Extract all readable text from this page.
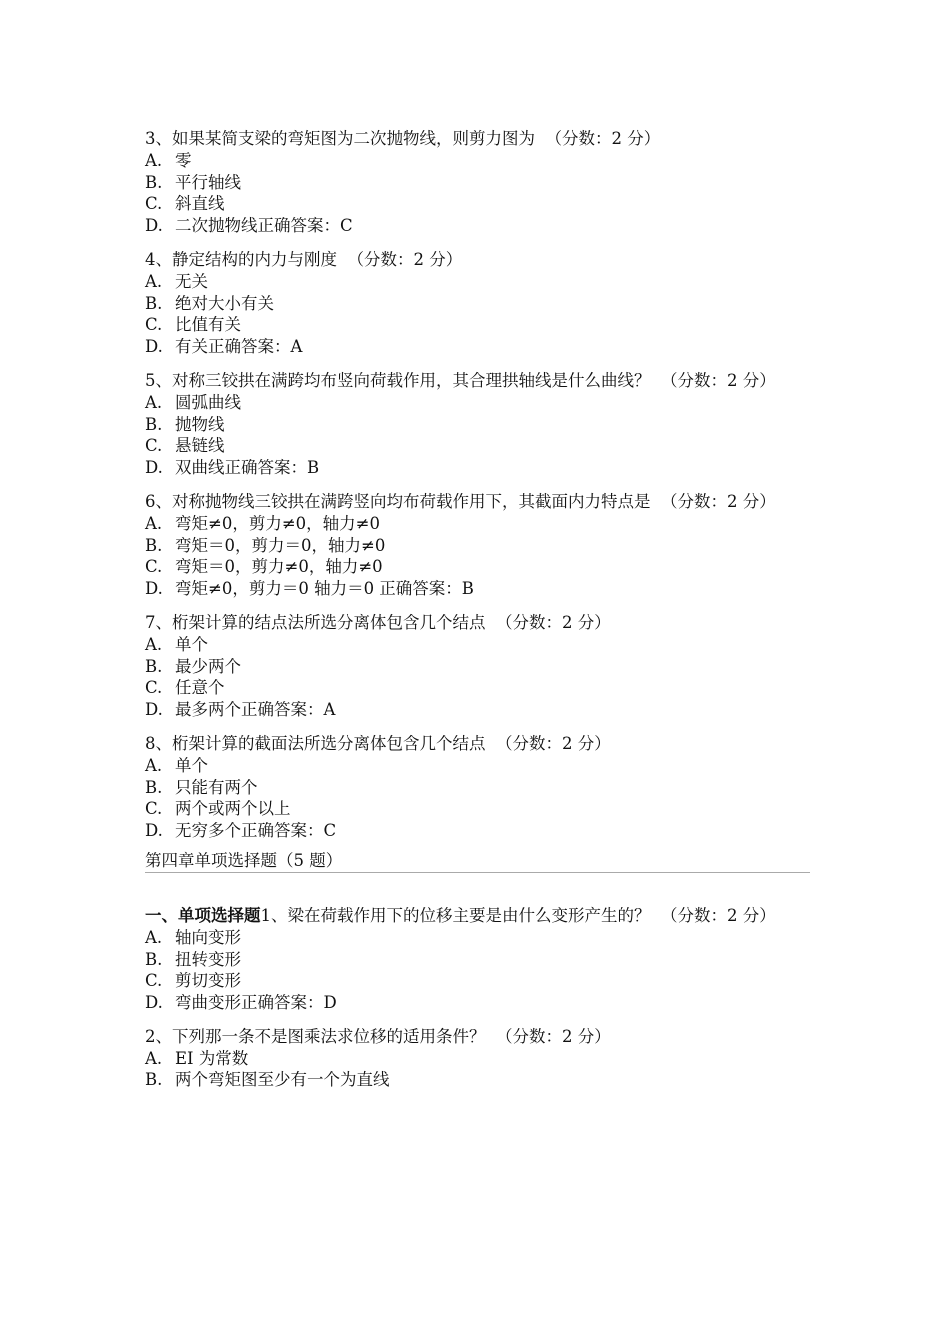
3、如果某简支梁的弯矩图为二次抛物线，则剪力图为  （分数：2 分）
A. 零
B. 平行轴线
C. 斜直线
D. 二次抛物线正确答案：C
4、静定结构的内力与刚度  （分数：2 分）
A. 无关
B. 绝对大小有关
C. 比值有关
D. 有关正确答案：A
5、对称三铰拱在满跨均布竖向荷载作用，其合理拱轴线是什么曲线？  （分数：2 分）
A. 圆弧曲线
B. 抛物线
C. 悬链线
D. 双曲线正确答案：B
6、对称抛物线三铰拱在满跨竖向均布荷载作用下，其截面内力特点是  （分数：2 分）
A. 弯矩≠0，剪力≠0，轴力≠0
B. 弯矩＝0，剪力＝0，轴力≠0
C. 弯矩＝0，剪力≠0，轴力≠0
D. 弯矩≠0，剪力＝0 轴力＝0 正确答案：B
7、桁架计算的结点法所选分离体包含几个结点  （分数：2 分）
A. 单个
B. 最少两个
C. 任意个
D. 最多两个正确答案：A
8、桁架计算的截面法所选分离体包含几个结点  （分数：2 分）
A. 单个
B. 只能有两个
C. 两个或两个以上
D. 无穷多个正确答案：C
第四章单项选择题（5 题）
一、单项选择题1、梁在荷载作用下的位移主要是由什么变形产生的？  （分数：2 分）
A. 轴向变形
B. 扭转变形
C. 剪切变形
D. 弯曲变形正确答案：D
2、下列那一条不是图乘法求位移的适用条件？  （分数：2 分）
A. EI 为常数
B. 两个弯矩图至少有一个为直线
